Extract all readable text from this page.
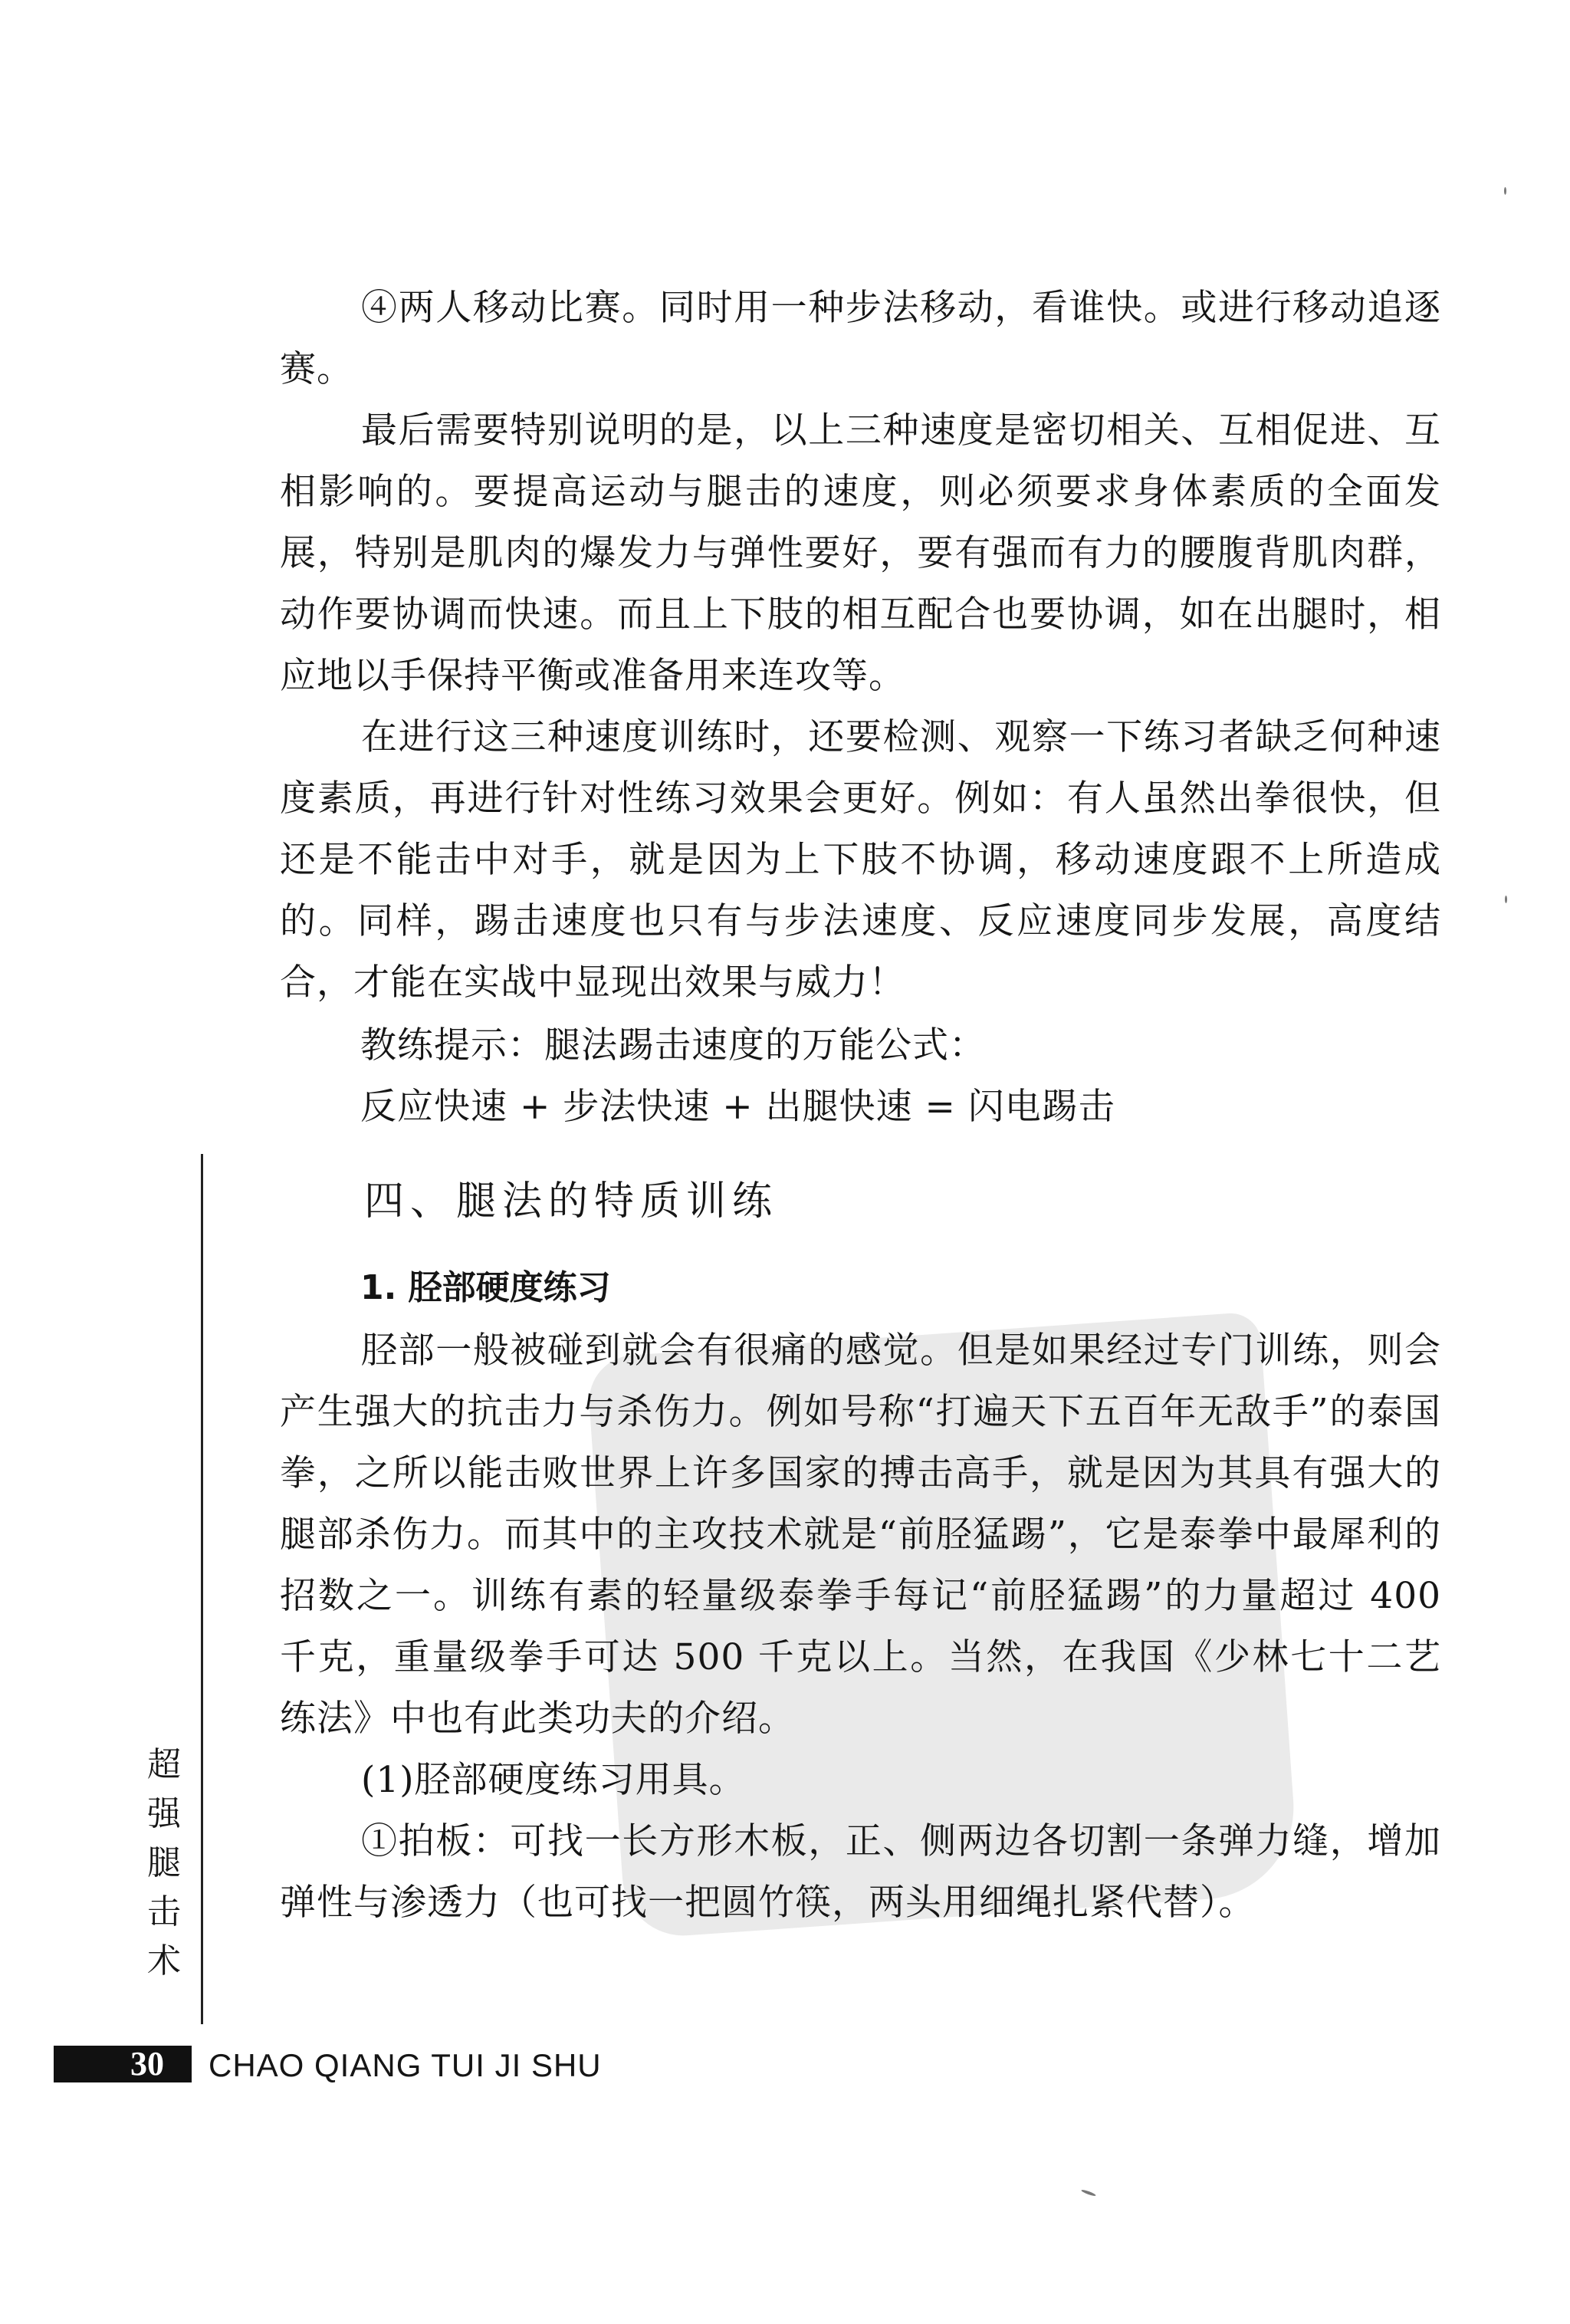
④两人移动比赛。同时用一种步法移动，看谁快。或进行移动追逐赛。

最后需要特别说明的是，以上三种速度是密切相关、互相促进、互相影响的。要提高运动与腿击的速度，则必须要求身体素质的全面发展，特别是肌肉的爆发力与弹性要好，要有强而有力的腰腹背肌肉群，动作要协调而快速。而且上下肢的相互配合也要协调，如在出腿时，相应地以手保持平衡或准备用来连攻等。

在进行这三种速度训练时，还要检测、观察一下练习者缺乏何种速度素质，再进行针对性练习效果会更好。例如：有人虽然出拳很快，但还是不能击中对手，就是因为上下肢不协调，移动速度跟不上所造成的。同样，踢击速度也只有与步法速度、反应速度同步发展，高度结合，才能在实战中显现出效果与威力！

教练提示：腿法踢击速度的万能公式：
反应快速 + 步法快速 + 出腿快速 = 闪电踢击
四、腿法的特质训练
1. 胫部硬度练习

胫部一般被碰到就会有很痛的感觉。但是如果经过专门训练，则会产生强大的抗击力与杀伤力。例如号称“打遍天下五百年无敌手”的泰国拳，之所以能击败世界上许多国家的搏击高手，就是因为其具有强大的腿部杀伤力。而其中的主攻技术就是“前胫猛踢”，它是泰拳中最犀利的招数之一。训练有素的轻量级泰拳手每记“前胫猛踢”的力量超过 400 千克，重量级拳手可达 500 千克以上。当然，在我国《少林七十二艺练法》中也有此类功夫的介绍。

(1)胫部硬度练习用具。

①拍板：可找一长方形木板，正、侧两边各切割一条弹力缝，增加弹性与渗透力（也可找一把圆竹筷，两头用细绳扎紧代替）。

超
强
腿
击
术
30 CHAO QIANG TUI JI SHU
